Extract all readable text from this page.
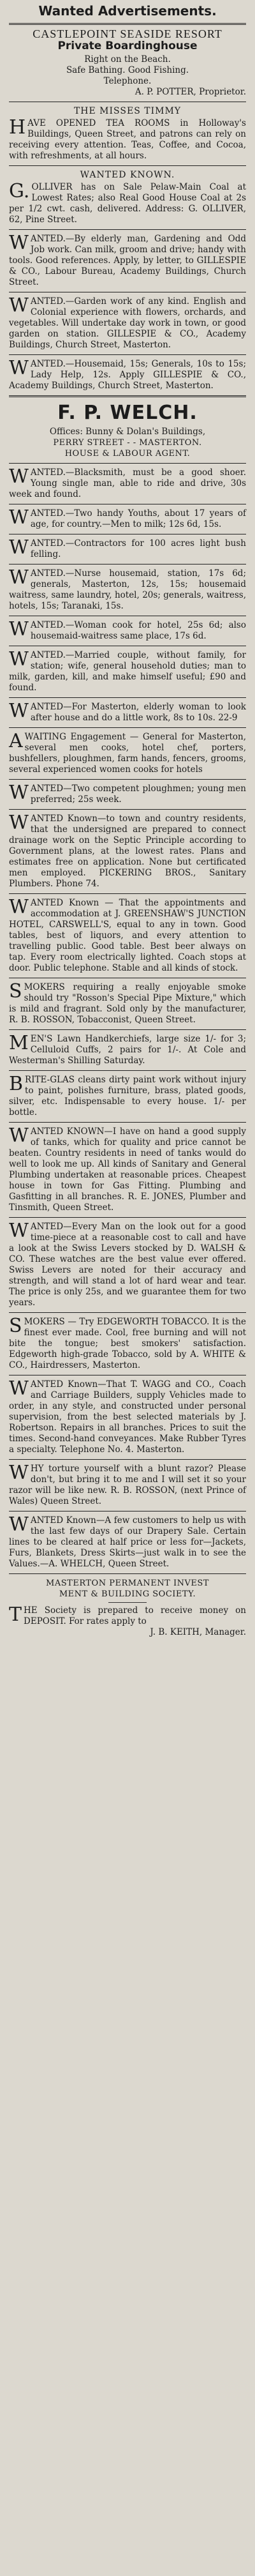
Wanted Advertisements.
CASTLEPOINT SEASIDE RESORT
Private Boardinghouse
Right on the Beach.
Safe Bathing. Good Fishing.
Telephone.
A. P. POTTER, Proprietor.
THE MISSES TIMMY

HAVE OPENED TEA ROOMS in Holloway's Buildings, Queen Street, and patrons can rely on receiving every attention. Teas, Coffee, and Cocoa, with refreshments, at all hours.

WANTED KNOWN.

G. OLLIVER has on Sale Pelaw-Main Coal at Lowest Rates; also Real Good House Coal at 2s per 1/2 cwt. cash, delivered. Address: G. OLLIVER, 62, Pine Street.

WANTED.—By elderly man, Gardening and Odd Job work. Can milk, groom and drive; handy with tools. Good references. Apply, by letter, to GILLESPIE & CO., Labour Bureau, Academy Buildings, Church Street.

WANTED.—Garden work of any kind. English and Colonial experience with flowers, orchards, and vegetables. Will undertake day work in town, or good garden on station. GILLESPIE & CO., Academy Buildings, Church Street, Masterton.

WANTED.—Housemaid, 15s; Generals, 10s to 15s; Lady Help, 12s. Apply GILLESPIE & CO., Academy Buildings, Church Street, Masterton.

F. P. WELCH.
Offices: Bunny & Dolan's Buildings,
PERRY STREET - - MASTERTON.
HOUSE & LABOUR AGENT.

WANTED.—Blacksmith, must be a good shoer. Young single man, able to ride and drive, 30s week and found.

WANTED.—Two handy Youths, about 17 years of age, for country.—Men to milk; 12s 6d, 15s.

WANTED.—Contractors for 100 acres light bush felling.

WANTED.—Nurse housemaid, station, 17s 6d; generals, Masterton, 12s, 15s; housemaid waitress, same laundry, hotel, 20s; generals, waitress, hotels, 15s; Taranaki, 15s.

WANTED.—Woman cook for hotel, 25s 6d; also housemaid-waitress same place, 17s 6d.

WANTED.—Married couple, without family, for station; wife, general household duties; man to milk, garden, kill, and make himself useful; £90 and found.

WANTED—For Masterton, elderly woman to look after house and do a little work, 8s to 10s. 22-9

AWAITING Engagement — General for Masterton, several men cooks, hotel chef, porters, bushfellers, ploughmen, farm hands, fencers, grooms, several experienced women cooks for hotels

WANTED—Two competent ploughmen; young men preferred; 25s week.

WANTED Known—to town and country residents, that the undersigned are prepared to connect drainage work on the Septic Principle according to Government plans, at the lowest rates. Plans and estimates free on application. None but certificated men employed. PICKERING BROS., Sanitary Plumbers. Phone 74.

WANTED Known — That the appointments and accommodation at J. GREENSHAW'S JUNCTION HOTEL, CARSWELL'S, equal to any in town. Good tables, best of liquors, and every attention to travelling public. Good table. Best beer always on tap. Every room electrically lighted. Coach stops at door. Public telephone. Stable and all kinds of stock.

SMOKERS requiring a really enjoyable smoke should try "Rosson's Special Pipe Mixture," which is mild and fragrant. Sold only by the manufacturer, R. B. ROSSON, Tobacconist, Queen Street.

MEN'S Lawn Handkerchiefs, large size 1/- for 3; Celluloid Cuffs, 2 pairs for 1/-. At Cole and Westerman's Shilling Saturday.

BRITE-GLAS cleans dirty paint work without injury to paint, polishes furniture, brass, plated goods, silver, etc. Indispensable to every house. 1/- per bottle.

WANTED KNOWN—I have on hand a good supply of tanks, which for quality and price cannot be beaten. Country residents in need of tanks would do well to look me up. All kinds of Sanitary and General Plumbing undertaken at reasonable prices. Cheapest house in town for Gas Fitting. Plumbing and Gasfitting in all branches. R. E. JONES, Plumber and Tinsmith, Queen Street.

WANTED—Every Man on the look out for a good time-piece at a reasonable cost to call and have a look at the Swiss Levers stocked by D. WALSH & CO. These watches are the best value ever offered. Swiss Levers are noted for their accuracy and strength, and will stand a lot of hard wear and tear. The price is only 25s, and we guarantee them for two years.

SMOKERS — Try EDGEWORTH TOBACCO. It is the finest ever made. Cool, free burning and will not bite the tongue; best smokers' satisfaction. Edgeworth high-grade Tobacco, sold by A. WHITE & CO., Hairdressers, Masterton.

WANTED Known—That T. WAGG and CO., Coach and Carriage Builders, supply Vehicles made to order, in any style, and constructed under personal supervision, from the best selected materials by J. Robertson. Repairs in all branches. Prices to suit the times. Second-hand conveyances. Make Rubber Tyres a specialty. Telephone No. 4. Masterton.

WHY torture yourself with a blunt razor? Please don't, but bring it to me and I will set it so your razor will be like new. R. B. ROSSON, (next Prince of Wales) Queen Street.

WANTED Known—A few customers to help us with the last few days of our Drapery Sale. Certain lines to be cleared at half price or less for—Jackets, Furs, Blankets, Dress Skirts—just walk in to see the Values.—A. WHELCH, Queen Street.

MASTERTON PERMANENT INVEST
MENT & BUILDING SOCIETY.

THE Society is prepared to receive money on DEPOSIT. For rates apply to

J. B. KEITH, Manager.
